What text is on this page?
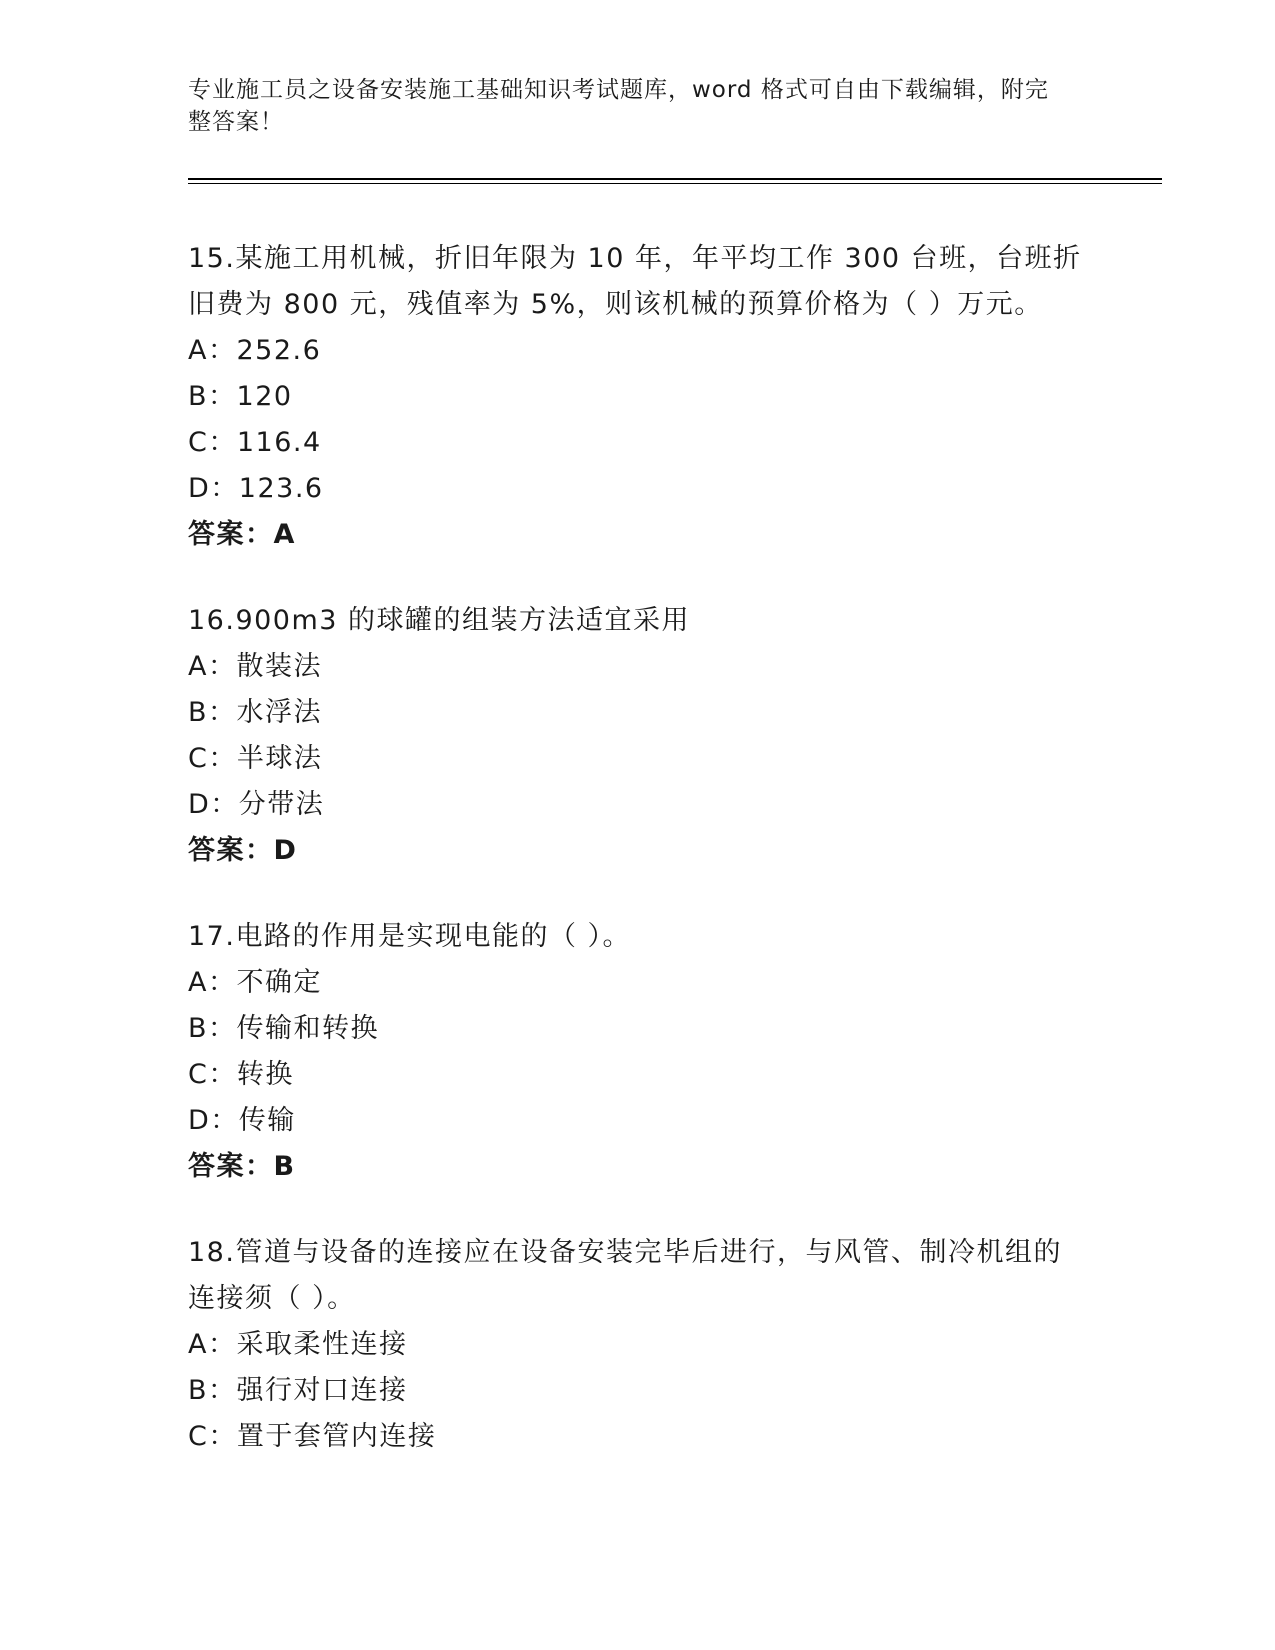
专业施工员之设备安装施工基础知识考试题库，word 格式可自由下载编辑，附完
整答案！
15.某施工用机械，折旧年限为 10 年，年平均工作 300 台班，台班折
旧费为 800 元，残值率为 5%，则该机械的预算价格为（ ）万元。
A：252.6
B：120
C：116.4
D：123.6
答案：A
16.900m3 的球罐的组装方法适宜采用
A：散装法
B：水浮法
C：半球法
D：分带法
答案：D
17.电路的作用是实现电能的（ ）。
A：不确定
B：传输和转换
C：转换
D：传输
答案：B
18.管道与设备的连接应在设备安装完毕后进行，与风管、制冷机组的
连接须（ ）。
A：采取柔性连接
B：强行对口连接
C：置于套管内连接
